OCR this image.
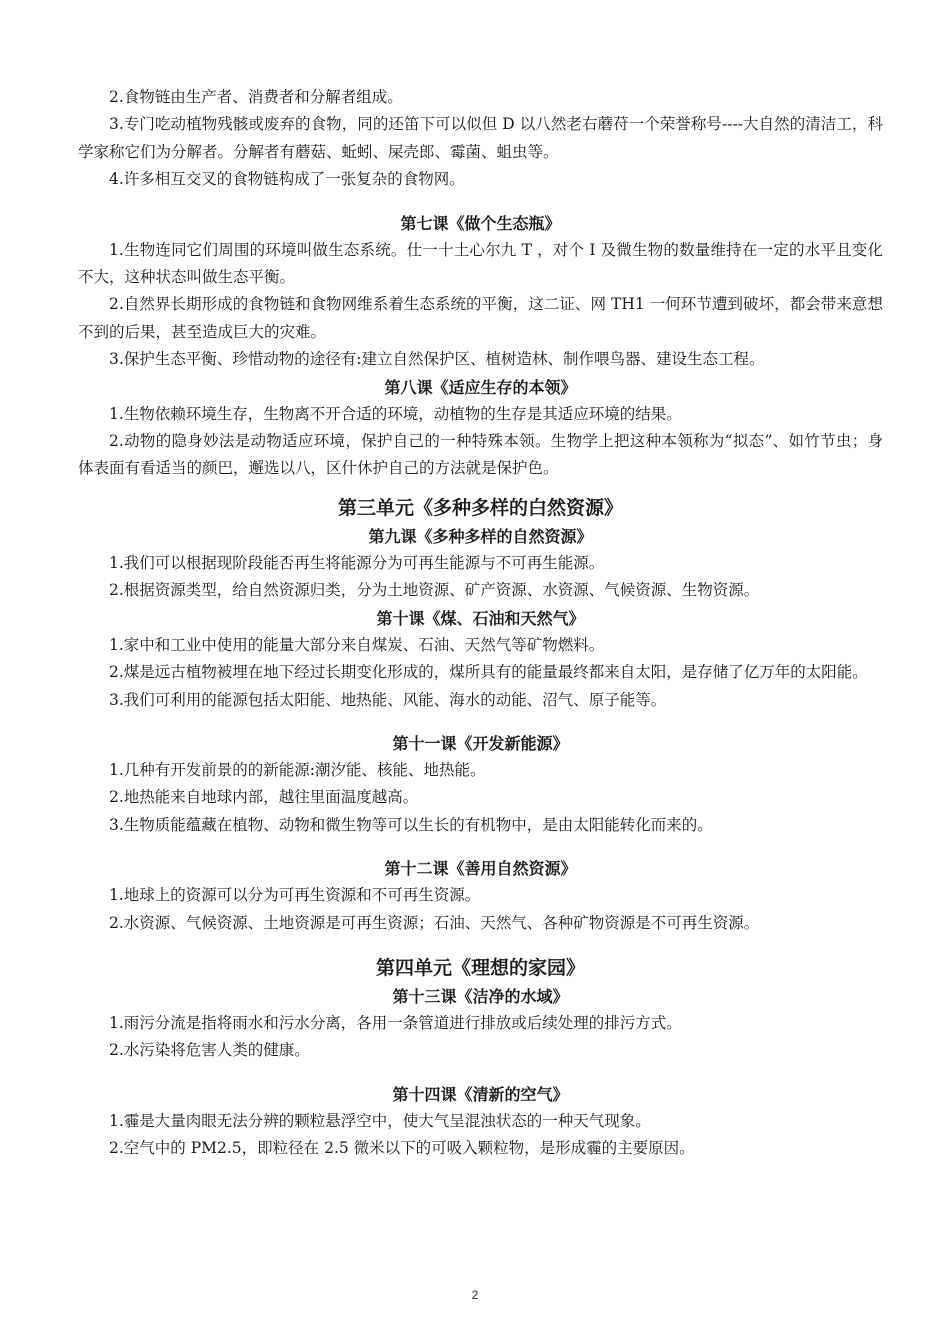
2.食物链由生产者、消费者和分解者组成。

3.专门吃动植物残骸或废弃的食物，同的还笛下可以似但 D 以八然老右蘑苻一个荣誉称号----大自然的清洁工，科学家称它们为分解者。分解者有蘑菇、蚯蚓、屎壳郎、霉菌、蛆虫等。

4.许多相互交叉的食物链构成了一张复杂的食物网。

第七课《做个生态瓶》

1.生物连同它们周围的环境叫做生态系统。仕一十土心尔九 T ，对个 I 及微生物的数量维持在一定的水平且变化不大，这种状态叫做生态平衡。

2.自然界长期形成的食物链和食物网维系着生态系统的平衡，这二证、网 TH1 一何环节遭到破坏，都会带来意想不到的后果，甚至造成巨大的灾难。

3.保护生态平衡、珍惜动物的途径有:建立自然保护区、植树造林、制作喂鸟器、建设生态工程。

第八课《适应生存的本领》

1.生物依赖环境生存，生物离不开合适的环境，动植物的生存是其适应环境的结果。

2.动物的隐身妙法是动物适应环境，保护自己的一种特殊本领。生物学上把这种本领称为“拟态”、如竹节虫；身体表面有看适当的颜巴，邂选以八，区什休护自己的方法就是保护色。

第三单元《多种多样的白然资源》
第九课《多种多样的自然资源》

1.我们可以根据现阶段能否再生将能源分为可再生能源与不可再生能源。

2.根据资源类型，给自然资源归类，分为土地资源、矿产资源、水资源、气候资源、生物资源。

第十课《煤、石油和天然气》

1.家中和工业中使用的能量大部分来自煤炭、石油、天然气等矿物燃料。

2.煤是远古植物被埋在地下经过长期变化形成的，煤所具有的能量最终都来自太阳，是存储了亿万年的太阳能。

3.我们可利用的能源包括太阳能、地热能、风能、海水的动能、沼气、原子能等。

第十一课《开发新能源》

1.几种有开发前景的的新能源:潮汐能、核能、地热能。

2.地热能来自地球内部，越往里面温度越高。

3.生物质能蕴藏在植物、动物和微生物等可以生长的有机物中，是由太阳能转化而来的。

第十二课《善用自然资源》

1.地球上的资源可以分为可再生资源和不可再生资源。

2.水资源、气候资源、土地资源是可再生资源；石油、天然气、各种矿物资源是不可再生资源。

第四单元《理想的家园》
第十三课《洁净的水域》

1.雨污分流是指将雨水和污水分离，各用一条管道进行排放或后续处理的排污方式。

2.水污染将危害人类的健康。

第十四课《清新的空气》

1.霾是大量肉眼无法分辨的颗粒悬浮空中，使大气呈混浊状态的一种天气现象。

2.空气中的 PM2.5，即粒径在 2.5 微米以下的可吸入颗粒物，是形成霾的主要原因。

2
